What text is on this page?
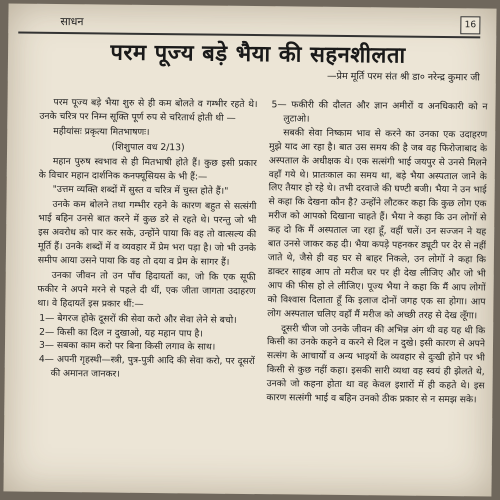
साधन	16
परम पूज्य बड़े भैया की सहनशीलता
—प्रेम मूर्ति परम संत श्री डा० नरेन्द्र कुमार जी

परम पूज्य बड़े भैया शुरु से ही कम बोलते व गम्भीर रहते थे। उनके चरित्र पर निम्न सूक्ति पूर्ण रुप से चरितार्थ होती थी —

महीयांसः प्रकृत्या मितभाषणः।

(शिशुपाल वध 2/13)

महान पुरुष स्वभाव से ही मितभाषी होते हैं। कुछ इसी प्रकार के विचार महान दार्शनिक कनफ्यूसियस के भी हैं:—

"उत्तम व्यक्ति शब्दों में सुस्त व चरित्र में चुस्त होते हैं।"

उनके कम बोलने तथा गम्भीर रहने के कारण बहुत से सत्संगी भाई बहिन उनसे बात करने में कुछ डरे से रहते थे। परन्तु जो भी इस अवरोध को पार कर सके, उन्होंने पाया कि वह तो वात्सल्य की मूर्ति हैं। उनके शब्दों में व व्यवहार में प्रेम भरा पड़ा है। जो भी उनके समीप आया उसने पाया कि वह तो दया व प्रेम के सागर हैं।

उनका जीवन तो उन पाँच हिदायतों का, जो कि एक सूफी फकीर ने अपने मरने से पहले दी थीं, एक जीता जागता उदाहरण था। वे हिदायतें इस प्रकार थीं:—

1— बेगरज होके दूसरों की सेवा करो और सेवा लेने से बचो।
2— किसी का दिल न दुखाओ, यह महान पाप है।
3— सबका काम करो पर बिना किसी लगाव के साथ।
4— अपनी गृहस्थी—स्त्री, पुत्र-पुत्री आदि की सेवा करो, पर दूसरों की अमानत जानकर।
5— फकीरी की दौलत और ज्ञान अमीरों व अनधिकारी को न लुटाओ।

सबकी सेवा निष्काम भाव से करने का उनका एक उदाहरण मुझे याद आ रहा है। बात उस समय की है जब वह फिरोजाबाद के अस्पताल के अधीक्षक थे। एक सत्संगी भाई जयपुर से उनसे मिलने वहाँ गये थे। प्रातःकाल का समय था, बड़े भैया अस्पताल जाने के लिए तैयार हो रहे थे। तभी दरवाजे की घण्टी बजी। भैया ने उन भाई से कहा कि देखना कौन है? उन्होंने लौटकर कहा कि कुछ लोग एक मरीज को आपको दिखाना चाहते हैं। भैया ने कहा कि उन लोगों से कह दो कि मैं अस्पताल जा रहा हूँ, वहीं चलें। उन सज्जन ने यह बात उनसे जाकर कह दी। भैया कपड़े पहनकर ड्यूटी पर देर से नहीं जाते थे, जैसे ही वह घर से बाहर निकले, उन लोगों ने कहा कि डाक्टर साहब आप तो मरीज घर पर ही देख लीजिए और जो भी आप की फीस हो ले लीजिए। पूज्य भैया ने कहा कि मैं आप लोगों को विश्वास दिलाता हूँ कि इलाज दोनों जगह एक सा होगा। आप लोग अस्पताल चलिए वहाँ मैं मरीज को अच्छी तरह से देख लूँगा।

दूसरी चीज जो उनके जीवन की अभिन्न अंग थी वह यह थी कि किसी का उनके कहने व करने से दिल न दुखे। इसी कारण से अपने सत्संग के आचार्यों व अन्य भाइयों के व्यवहार से दुःखी होने पर भी किसी से कुछ नहीं कहा। इसकी सारी व्यथा वह स्वयं ही झेलते थे, उनको जो कहना होता था वह केवल इशारों में ही कहते थे। इस कारण सत्संगी भाई व बहिन उनको ठीक प्रकार से न समझ सके।
